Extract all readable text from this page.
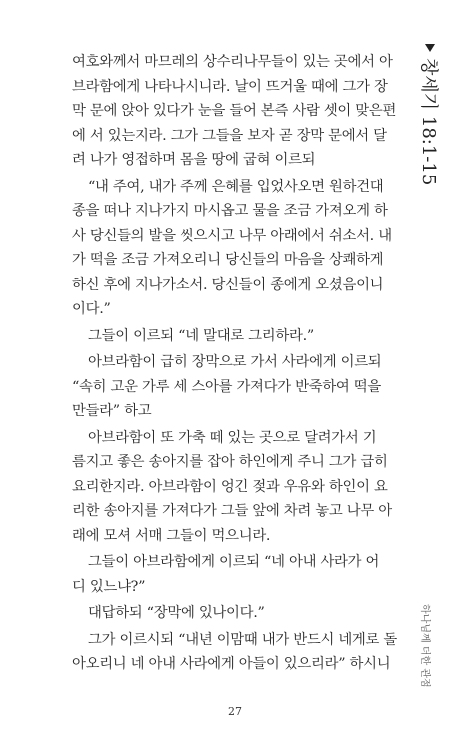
여호와께서 마므레의 상수리나무들이 있는 곳에서 아
브라함에게 나타나시니라. 날이 뜨거울 때에 그가 장
막 문에 앉아 있다가 눈을 들어 본즉 사람 셋이 맞은편
에 서 있는지라. 그가 그들을 보자 곧 장막 문에서 달
려 나가 영접하며 몸을 땅에 굽혀 이르되
“내 주여, 내가 주께 은혜를 입었사오면 원하건대
종을 떠나 지나가지 마시옵고 물을 조금 가져오게 하
사 당신들의 발을 씻으시고 나무 아래에서 쉬소서. 내
가 떡을 조금 가져오리니 당신들의 마음을 상쾌하게
하신 후에 지나가소서. 당신들이 종에게 오셨음이니
이다.”
그들이 이르되 “네 말대로 그리하라.”
아브라함이 급히 장막으로 가서 사라에게 이르되
“속히 고운 가루 세 스아를 가져다가 반죽하여 떡을
만들라” 하고
아브라함이 또 가축 떼 있는 곳으로 달려가서 기
름지고 좋은 송아지를 잡아 하인에게 주니 그가 급히
요리한지라. 아브라함이 엉긴 젖과 우유와 하인이 요
리한 송아지를 가져다가 그들 앞에 차려 놓고 나무 아
래에 모셔 서매 그들이 먹으니라.
그들이 아브라함에게 이르되 “네 아내 사라가 어
디 있느냐?”
대답하되 “장막에 있나이다.”
그가 이르시되 “내년 이맘때 내가 반드시 네게로 돌
아오리니 네 아내 사라에게 아들이 있으리라” 하시니
창세기 18:1-15
하나님께 더한 관점
27
